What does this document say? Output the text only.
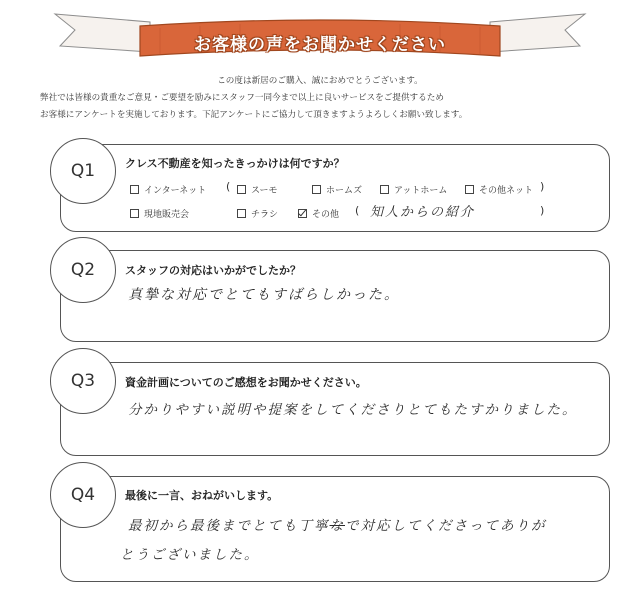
お客様の声をお聞かせください
この度は新居のご購入、誠におめでとうございます。
弊社では皆様の貴重なご意見・ご要望を励みにスタッフ一同今まで以上に良いサービスをご提供するため
お客様にアンケートを実施しております。下記アンケートにご協力して頂きますようよろしくお願い致します。
Q1	クレス不動産を知ったきっかけは何ですか？
インターネット	スーモ	ホームズ	アットホーム	その他ネット
(	)
現地販売会	チラシ	その他 ( 知人からの紹介	)
Q2	スタッフの対応はいかがでしたか？
真摯な対応でとてもすばらしかった。
Q3	資金計画についてのご感想をお聞かせください。
分かりやすい説明や提案をしてくださりとてもたすかりました。
Q4	最後に一言、おねがいします。
最初から最後までとても丁寧なで対応してくださってありが
とうございました。
